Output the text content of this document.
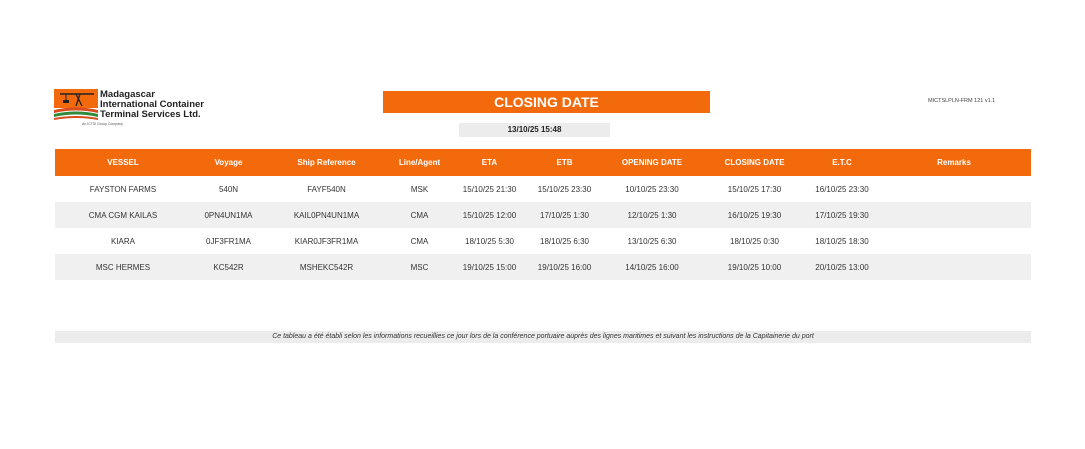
Madagascar
International Container
Terminal Services Ltd.
An ICTSI Group Company
CLOSING DATE	MICTSLPLN-FRM 121 v1.1
13/10/25 15:48
VESSEL	Voyage	Ship Reference	Line/Agent	ETA	ETB	OPENING DATE	CLOSING DATE	E.T.C	Remarks
FAYSTON FARMS	540N	FAYF540N	MSK	15/10/25 21:30	15/10/25 23:30	10/10/25 23:30	15/10/25 17:30	16/10/25 23:30	
CMA CGM KAILAS	0PN4UN1MA	KAIL0PN4UN1MA	CMA	15/10/25 12:00	17/10/25 1:30	12/10/25 1:30	16/10/25 19:30	17/10/25 19:30	
KIARA	0JF3FR1MA	KIAR0JF3FR1MA	CMA	18/10/25 5:30	18/10/25 6:30	13/10/25 6:30	18/10/25 0:30	18/10/25 18:30	
MSC HERMES	KC542R	MSHEKC542R	MSC	19/10/25 15:00	19/10/25 16:00	14/10/25 16:00	19/10/25 10:00	20/10/25 13:00	
Ce tableau a été établi selon les informations recueillies ce jour lors de la conférence portuaire auprès des lignes maritimes et suivant les instructions de la Capitainerie du port
